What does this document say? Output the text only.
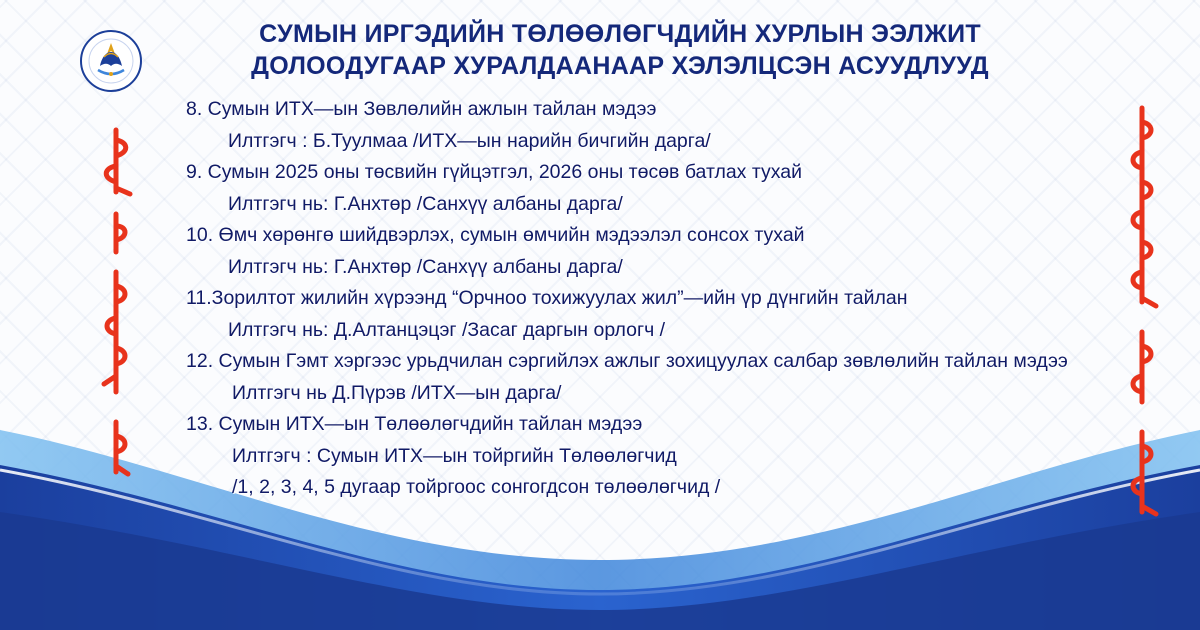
СУМЫН ИРГЭДИЙН ТӨЛӨӨЛӨГЧДИЙН ХУРЛЫН ЭЭЛЖИТ
ДОЛООДУГААР ХУРАЛДААНААР ХЭЛЭЛЦСЭН АСУУДЛУУД
8. Сумын ИТХ—ын Зөвлөлийн ажлын тайлан мэдээ
Илтгэгч : Б.Туулмаа /ИТХ—ын нарийн бичгийн дарга/
9. Сумын 2025 оны төсвийн гүйцэтгэл, 2026 оны төсөв батлах тухай
Илтгэгч нь: Г.Анхтөр /Санхүү албаны дарга/
10. Өмч хөрөнгө шийдвэрлэх, сумын өмчийн мэдээлэл сонсох тухай
Илтгэгч нь: Г.Анхтөр /Санхүү албаны дарга/
11.Зорилтот жилийн хүрээнд “Орчноо тохижуулах жил”—ийн үр дүнгийн тайлан
Илтгэгч нь: Д.Алтанцэцэг /Засаг даргын орлогч /
12. Сумын Гэмт хэргээс урьдчилан сэргийлэх ажлыг зохицуулах салбар зөвлөлийн тайлан мэдээ
Илтгэгч нь Д.Пүрэв /ИТХ—ын дарга/
13. Сумын ИТХ—ын Төлөөлөгчдийн тайлан мэдээ
Илтгэгч : Сумын ИТХ—ын тойргийн Төлөөлөгчид
/1, 2, 3, 4, 5 дугаар тойргоос сонгогдсон төлөөлөгчид /
